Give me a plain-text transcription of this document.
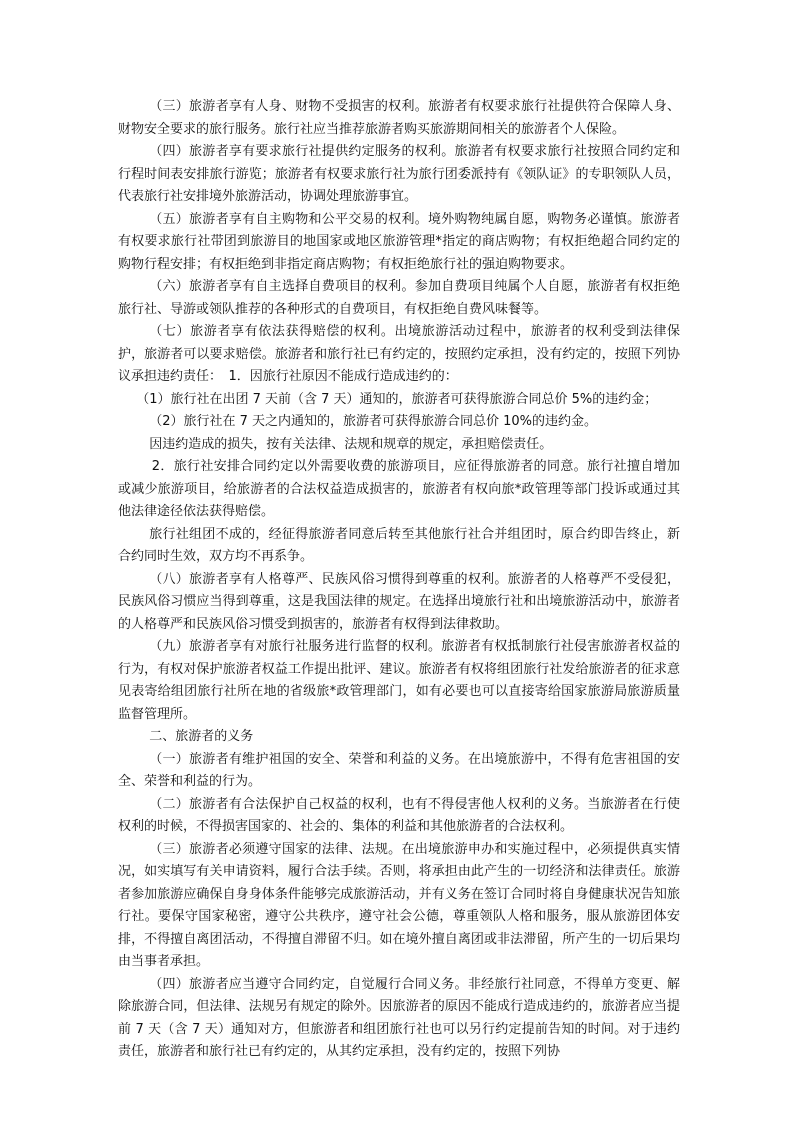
（三）旅游者享有人身、财物不受损害的权利。旅游者有权要求旅行社提供符合保障人身、财物安全要求的旅行服务。旅行社应当推荐旅游者购买旅游期间相关的旅游者个人保险。

（四）旅游者享有要求旅行社提供约定服务的权利。旅游者有权要求旅行社按照合同约定和行程时间表安排旅行游览；旅游者有权要求旅行社为旅行团委派持有《领队证》的专职领队人员，代表旅行社安排境外旅游活动，协调处理旅游事宜。

（五）旅游者享有自主购物和公平交易的权利。境外购物纯属自愿，购物务必谨慎。旅游者有权要求旅行社带团到旅游目的地国家或地区旅游管理*指定的商店购物；有权拒绝超合同约定的购物行程安排；有权拒绝到非指定商店购物；有权拒绝旅行社的强迫购物要求。

（六）旅游者享有自主选择自费项目的权利。参加自费项目纯属个人自愿，旅游者有权拒绝旅行社、导游或领队推荐的各种形式的自费项目，有权拒绝自费风味餐等。

（七）旅游者享有依法获得赔偿的权利。出境旅游活动过程中，旅游者的权利受到法律保护，旅游者可以要求赔偿。旅游者和旅行社已有约定的，按照约定承担，没有约定的，按照下列协议承担违约责任：　1．因旅行社原因不能成行造成违约的：

（1）旅行社在出团 7 天前（含 7 天）通知的，旅游者可获得旅游合同总价 5%的违约金；

（2）旅行社在 7 天之内通知的，旅游者可获得旅游合同总价 10%的违约金。

因违约造成的损失，按有关法律、法规和规章的规定，承担赔偿责任。

2．旅行社安排合同约定以外需要收费的旅游项目，应征得旅游者的同意。旅行社擅自增加或减少旅游项目，给旅游者的合法权益造成损害的，旅游者有权向旅*政管理等部门投诉或通过其他法律途径依法获得赔偿。

旅行社组团不成的，经征得旅游者同意后转至其他旅行社合并组团时，原合约即告终止，新合约同时生效，双方均不再系争。

（八）旅游者享有人格尊严、民族风俗习惯得到尊重的权利。旅游者的人格尊严不受侵犯，民族风俗习惯应当得到尊重，这是我国法律的规定。在选择出境旅行社和出境旅游活动中，旅游者的人格尊严和民族风俗习惯受到损害的，旅游者有权得到法律救助。

（九）旅游者享有对旅行社服务进行监督的权利。旅游者有权抵制旅行社侵害旅游者权益的行为，有权对保护旅游者权益工作提出批评、建议。旅游者有权将组团旅行社发给旅游者的征求意见表寄给组团旅行社所在地的省级旅*政管理部门，如有必要也可以直接寄给国家旅游局旅游质量监督管理所。

二、旅游者的义务

（一）旅游者有维护祖国的安全、荣誉和利益的义务。在出境旅游中，不得有危害祖国的安全、荣誉和利益的行为。

（二）旅游者有合法保护自己权益的权利，也有不得侵害他人权利的义务。当旅游者在行使权利的时候，不得损害国家的、社会的、集体的利益和其他旅游者的合法权利。

（三）旅游者必须遵守国家的法律、法规。在出境旅游申办和实施过程中，必须提供真实情况，如实填写有关申请资料，履行合法手续。否则，将承担由此产生的一切经济和法律责任。旅游者参加旅游应确保自身身体条件能够完成旅游活动，并有义务在签订合同时将自身健康状况告知旅行社。要保守国家秘密，遵守公共秩序，遵守社会公德，尊重领队人格和服务，服从旅游团体安排，不得擅自离团活动，不得擅自滞留不归。如在境外擅自离团或非法滞留，所产生的一切后果均由当事者承担。

（四）旅游者应当遵守合同约定，自觉履行合同义务。非经旅行社同意，不得单方变更、解除旅游合同，但法律、法规另有规定的除外。因旅游者的原因不能成行造成违约的，旅游者应当提前 7 天（含 7 天）通知对方，但旅游者和组团旅行社也可以另行约定提前告知的时间。对于违约责任，旅游者和旅行社已有约定的，从其约定承担，没有约定的，按照下列协
